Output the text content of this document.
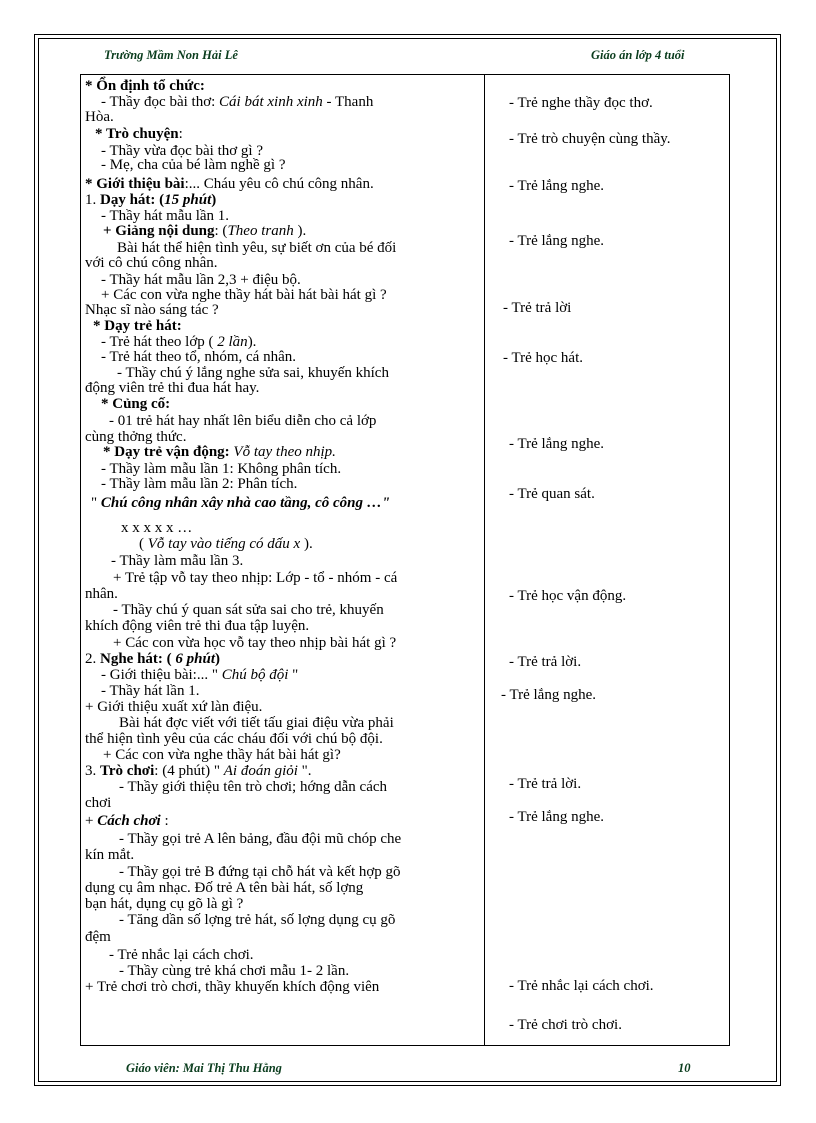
Trường Mầm Non Hải Lê	Giáo án lớp 4 tuổi
* Ổn định tổ chức:
- Thầy đọc bài thơ: Cái bát xinh xinh - Thanh
Hòa.
* Trò chuyện:
- Thầy vừa đọc bài thơ gì ?
- Mẹ, cha của bé làm nghề gì ?
* Giới thiệu bài:... Cháu yêu cô chú công nhân.
1. Dạy hát: (15 phút)
- Thầy hát mẫu lần 1.
+ Giảng nội dung: (Theo tranh ).
Bài hát thể hiện tình yêu, sự biết ơn của bé đối
với cô chú công nhân.
- Thầy hát mẫu lần 2,3 + điệu bộ.
+ Các con vừa nghe thầy hát bài hát bài hát gì ?
Nhạc sĩ nào sáng tác ?
* Dạy trẻ hát:
- Trẻ hát theo lớp ( 2 lần).
- Trẻ hát theo tổ, nhóm, cá nhân.
- Thầy chú ý lắng nghe sửa sai, khuyến khích
động viên trẻ thi đua hát hay.
* Củng cố:
- 01 trẻ hát hay nhất lên biểu diễn cho cả lớp
cùng thởng thức.
* Dạy trẻ vận động: Vỗ tay theo nhịp.
- Thầy làm mẫu lần 1: Không phân tích.
- Thầy làm mẫu lần 2: Phân tích.
" Chú công nhân xây nhà cao tầng, cô công …"
x x x x x …
( Vỗ tay vào tiếng có dấu x ).
- Thầy làm mẫu lần 3.
+ Trẻ tập vỗ tay theo nhịp: Lớp - tổ - nhóm - cá
nhân.
- Thầy chú ý quan sát sửa sai cho trẻ, khuyến
khích động viên trẻ thi đua tập luyện.
+ Các con vừa học vỗ tay theo nhịp bài hát gì ?
2. Nghe hát: ( 6 phút)
- Giới thiệu bài:... " Chú bộ đội "
- Thầy hát lần 1.
+ Giới thiệu xuất xứ làn điệu.
Bài hát đợc viết với tiết tấu giai điệu vừa phải
thể hiện tình yêu của các cháu đối với chú bộ đội.
+ Các con vừa nghe thầy hát bài hát gì?
3. Trò chơi: (4 phút) " Ai đoán giỏi ".
- Thầy giới thiệu tên trò chơi; hớng dẫn cách
chơi
+ Cách chơi :
- Thầy gọi trẻ A lên bảng, đầu đội mũ chóp che
kín mắt.
- Thầy gọi trẻ B đứng tại chỗ hát và kết hợp gõ
dụng cụ âm nhạc. Đố trẻ A tên bài hát, số lợng
bạn hát, dụng cụ gõ là gì ?
- Tăng dần số lợng trẻ hát, số lợng dụng cụ gõ
đệm
- Trẻ nhắc lại cách chơi.
- Thầy cùng trẻ khá chơi mẫu 1- 2 lần.
+ Trẻ chơi trò chơi, thầy khuyến khích động viên
- Trẻ nghe thầy đọc thơ.
- Trẻ trò chuyện cùng thầy.
- Trẻ lắng nghe.
- Trẻ lắng nghe.
- Trẻ trả lời
- Trẻ học hát.
- Trẻ lắng nghe.
- Trẻ quan sát.
- Trẻ học vận động.
- Trẻ trả lời.
- Trẻ lắng nghe.
- Trẻ trả lời.
- Trẻ lắng nghe.
- Trẻ nhắc lại cách chơi.
- Trẻ chơi trò chơi.
Giáo viên: Mai Thị Thu Hằng	10
